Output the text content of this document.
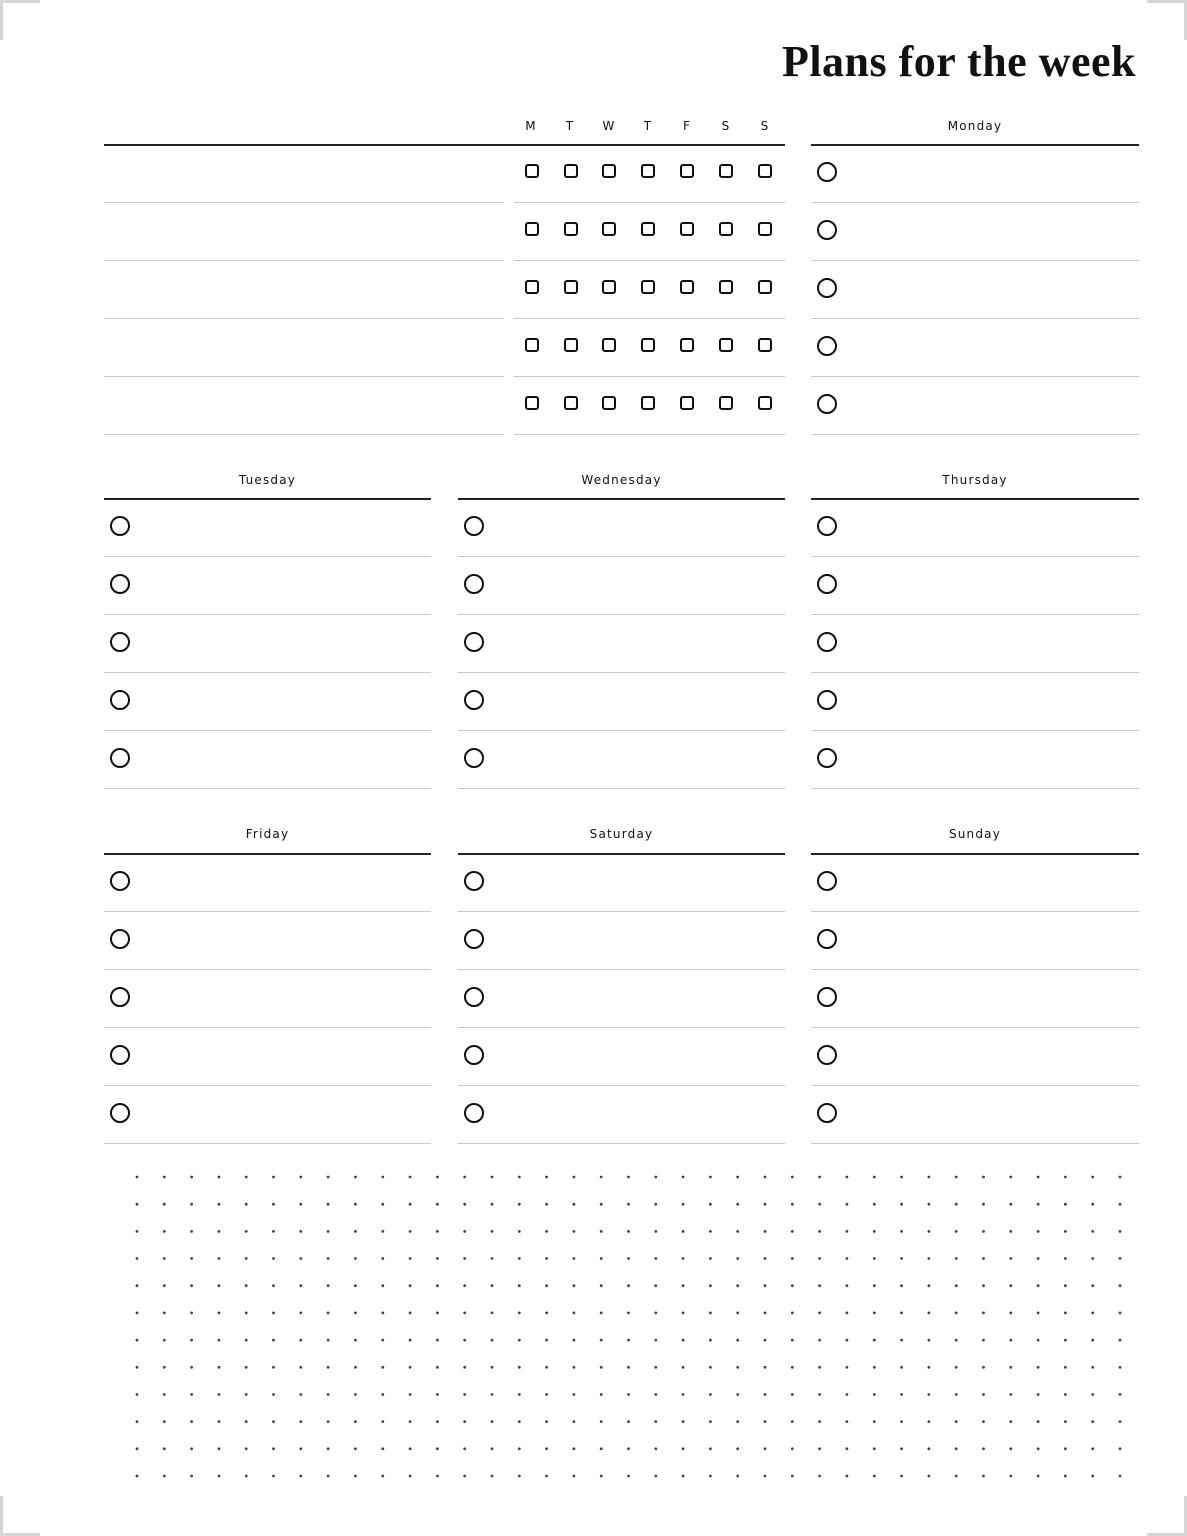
Plans for the week
M	T	W	T	F	S	S	Monday
Tuesday	Wednesday	Thursday
Friday	Saturday	Sunday
